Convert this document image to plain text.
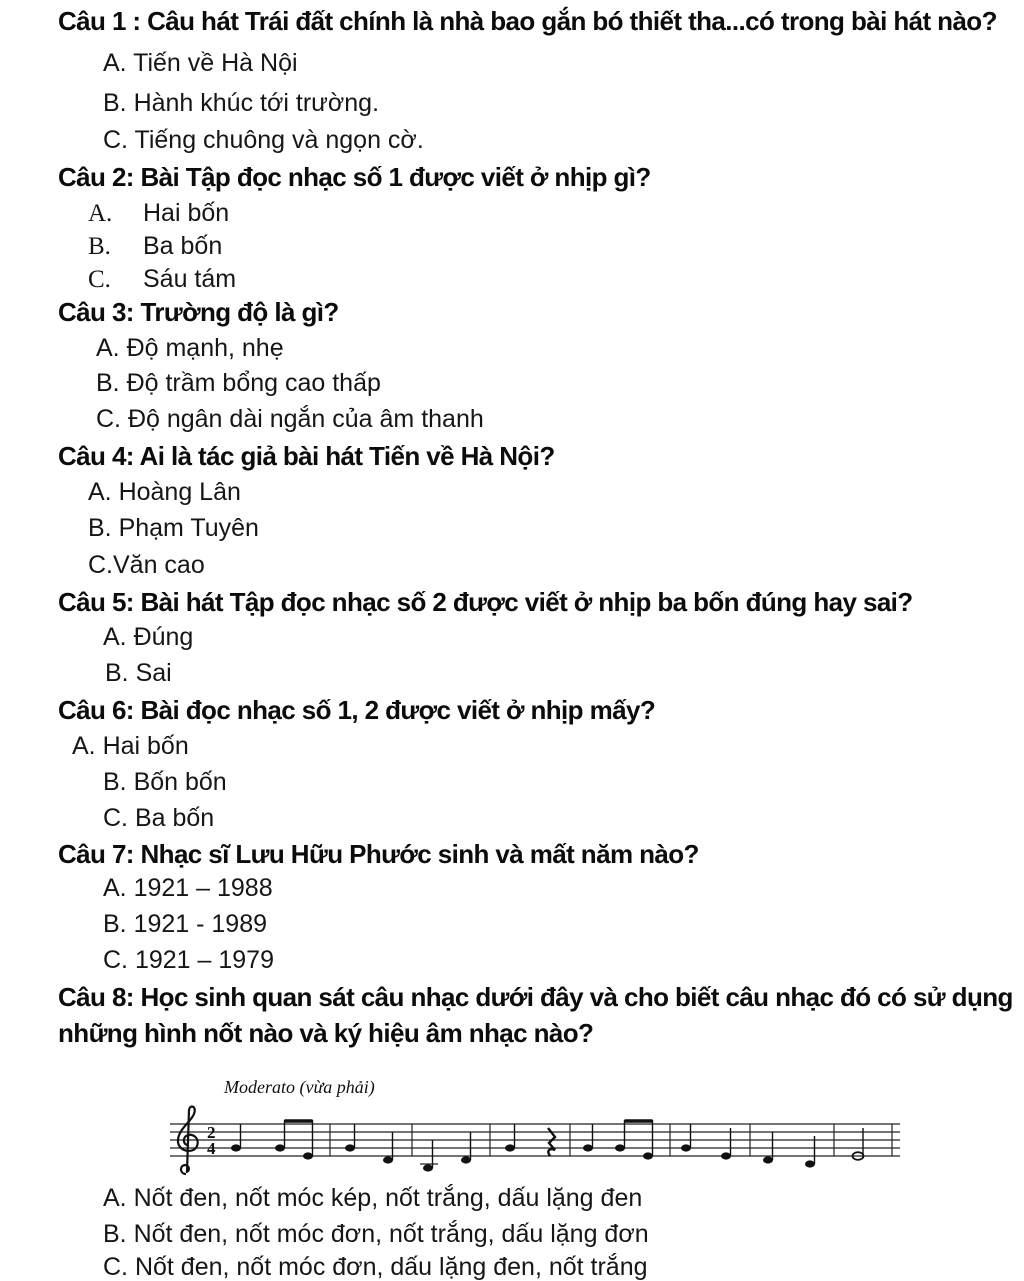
Câu 1 : Câu hát Trái đất chính là nhà bao gắn bó thiết tha...có trong bài hát nào?
A. Tiến về Hà Nội
B. Hành khúc tới trường.
C. Tiếng chuông và ngọn cờ.
Câu 2: Bài Tập đọc nhạc số 1 được viết ở nhịp gì?
A. Hai bốn
B. Ba bốn
C. Sáu tám
Câu 3: Trường độ là gì?
A. Độ mạnh, nhẹ
B. Độ trầm bổng cao thấp
C. Độ ngân dài ngắn của âm thanh
Câu 4: Ai là tác giả bài hát Tiến về Hà Nội?
A. Hoàng Lân
B. Phạm Tuyên
C.Văn cao
Câu 5: Bài hát Tập đọc nhạc số 2 được viết ở nhịp ba bốn đúng hay sai?
A. Đúng
B. Sai
Câu 6: Bài đọc nhạc số 1, 2 được viết ở nhịp mấy?
A. Hai bốn
B. Bốn bốn
C. Ba bốn
Câu 7: Nhạc sĩ Lưu Hữu Phước sinh và mất năm nào?
A. 1921 – 1988
B. 1921 - 1989
C. 1921 – 1979
Câu 8: Học sinh quan sát câu nhạc dưới đây và cho biết câu nhạc đó có sử dụng
những hình nốt nào và ký hiệu âm nhạc nào?
Moderato (vừa phải)
2
4
A. Nốt đen, nốt móc kép, nốt trắng, dấu lặng đen
B. Nốt đen, nốt móc đơn, nốt trắng, dấu lặng đơn
C. Nốt đen, nốt móc đơn, dấu lặng đen, nốt trắng
